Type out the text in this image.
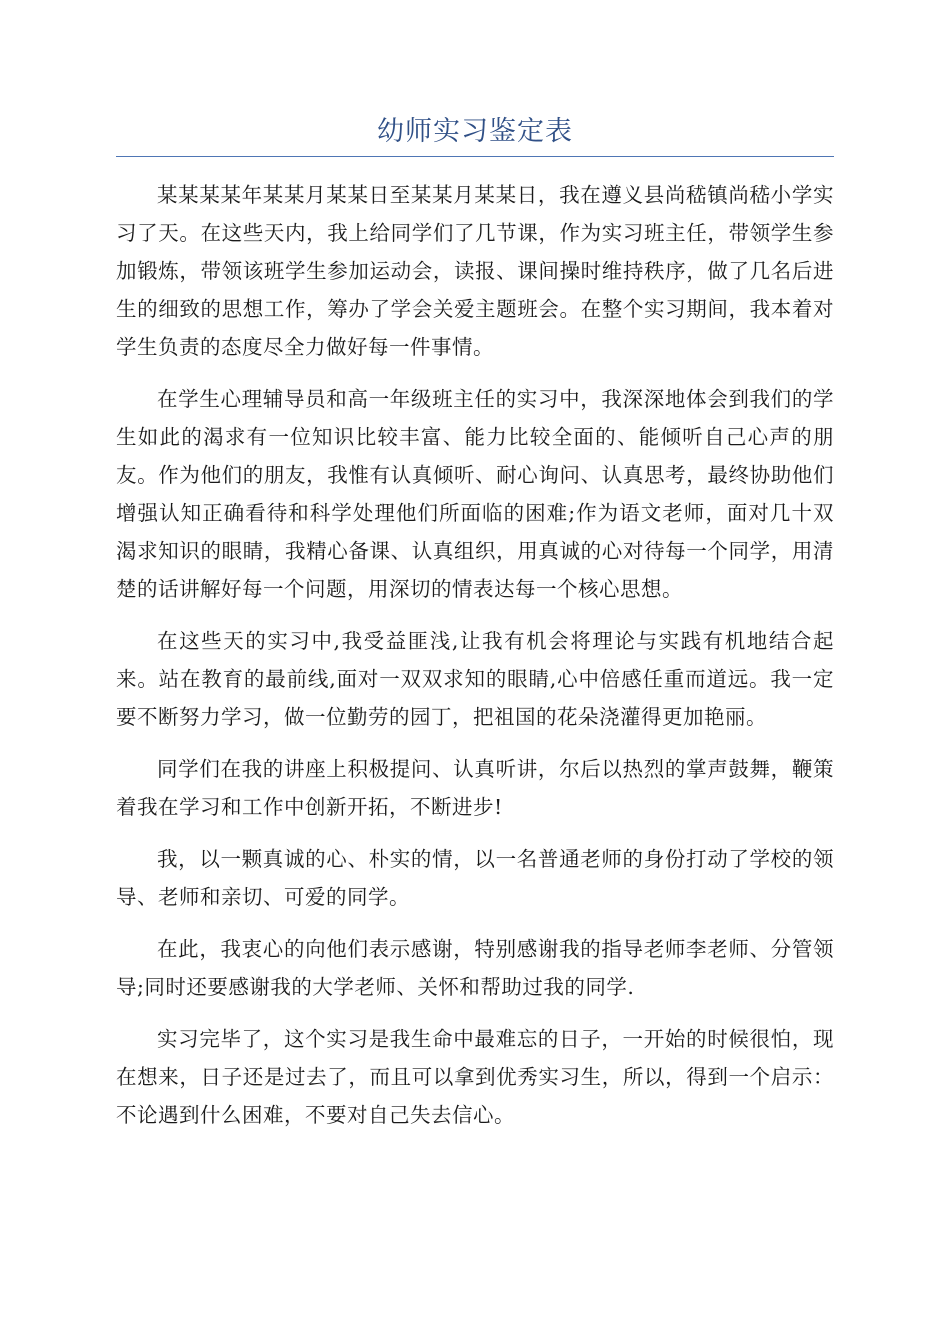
幼师实习鉴定表

某某某某年某某月某某日至某某月某某日，我在遵义县尚嵇镇尚嵇小学实习了天。在这些天内，我上给同学们了几节课，作为实习班主任，带领学生参加锻炼，带领该班学生参加运动会，读报、课间操时维持秩序，做了几名后进生的细致的思想工作，筹办了学会关爱主题班会。在整个实习期间，我本着对学生负责的态度尽全力做好每一件事情。

在学生心理辅导员和高一年级班主任的实习中，我深深地体会到我们的学生如此的渴求有一位知识比较丰富、能力比较全面的、能倾听自己心声的朋友。作为他们的朋友，我惟有认真倾听、耐心询问、认真思考，最终协助他们增强认知正确看待和科学处理他们所面临的困难;作为语文老师，面对几十双渴求知识的眼睛，我精心备课、认真组织，用真诚的心对待每一个同学，用清楚的话讲解好每一个问题，用深切的情表达每一个核心思想。

在这些天的实习中,我受益匪浅,让我有机会将理论与实践有机地结合起来。站在教育的最前线,面对一双双求知的眼睛,心中倍感任重而道远。我一定要不断努力学习，做一位勤劳的园丁，把祖国的花朵浇灌得更加艳丽。

同学们在我的讲座上积极提问、认真听讲，尔后以热烈的掌声鼓舞，鞭策着我在学习和工作中创新开拓，不断进步!

我，以一颗真诚的心、朴实的情，以一名普通老师的身份打动了学校的领导、老师和亲切、可爱的同学。

在此，我衷心的向他们表示感谢，特别感谢我的指导老师李老师、分管领导;同时还要感谢我的大学老师、关怀和帮助过我的同学.

实习完毕了，这个实习是我生命中最难忘的日子，一开始的时候很怕，现在想来，日子还是过去了，而且可以拿到优秀实习生，所以，得到一个启示：不论遇到什么困难，不要对自己失去信心。
